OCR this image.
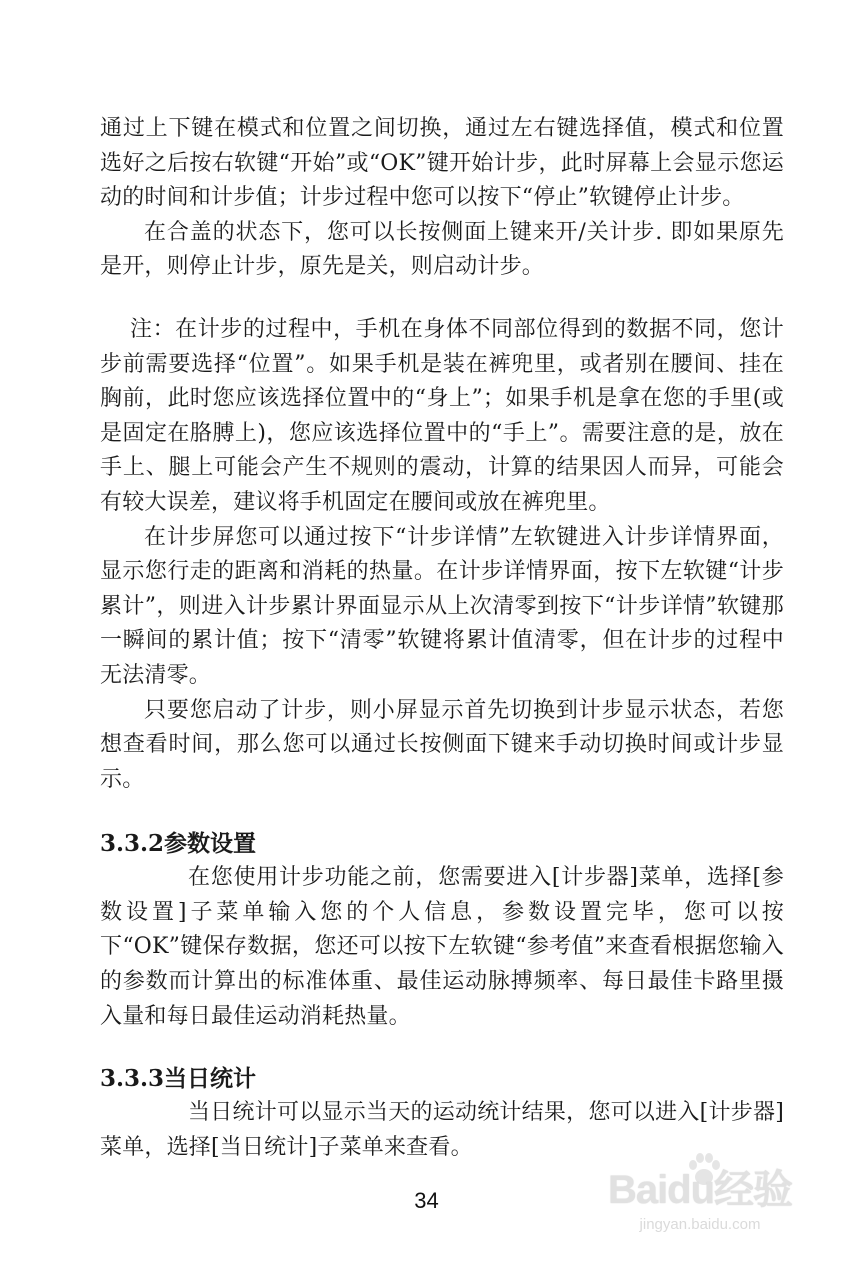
通过上下键在模式和位置之间切换，通过左右键选择值，模式和位置选好之后按右软键“开始”或“OK”键开始计步，此时屏幕上会显示您运动的时间和计步值；计步过程中您可以按下“停止”软键停止计步。

在合盖的状态下，您可以长按侧面上键来开/关计步. 即如果原先是开，则停止计步，原先是关，则启动计步。

注：在计步的过程中，手机在身体不同部位得到的数据不同，您计步前需要选择“位置”。如果手机是装在裤兜里，或者别在腰间、挂在胸前，此时您应该选择位置中的“身上”；如果手机是拿在您的手里(或是固定在胳膊上)，您应该选择位置中的“手上”。需要注意的是，放在手上、腿上可能会产生不规则的震动，计算的结果因人而异，可能会有较大误差，建议将手机固定在腰间或放在裤兜里。

在计步屏您可以通过按下“计步详情”左软键进入计步详情界面，显示您行走的距离和消耗的热量。在计步详情界面，按下左软键“计步累计”，则进入计步累计界面显示从上次清零到按下“计步详情”软键那一瞬间的累计值；按下“清零”软键将累计值清零，但在计步的过程中无法清零。

只要您启动了计步，则小屏显示首先切换到计步显示状态，若您想查看时间，那么您可以通过长按侧面下键来手动切换时间或计步显示。

3.3.2参数设置

在您使用计步功能之前，您需要进入[计步器]菜单，选择[参数设置]子菜单输入您的个人信息，参数设置完毕，您可以按下“OK”键保存数据，您还可以按下左软键“参考值”来查看根据您输入的参数而计算出的标准体重、最佳运动脉搏频率、每日最佳卡路里摄入量和每日最佳运动消耗热量。

3.3.3当日统计

当日统计可以显示当天的运动统计结果，您可以进入[计步器]菜单，选择[当日统计]子菜单来查看。

34	Baidu经验
jingyan.baidu.com
